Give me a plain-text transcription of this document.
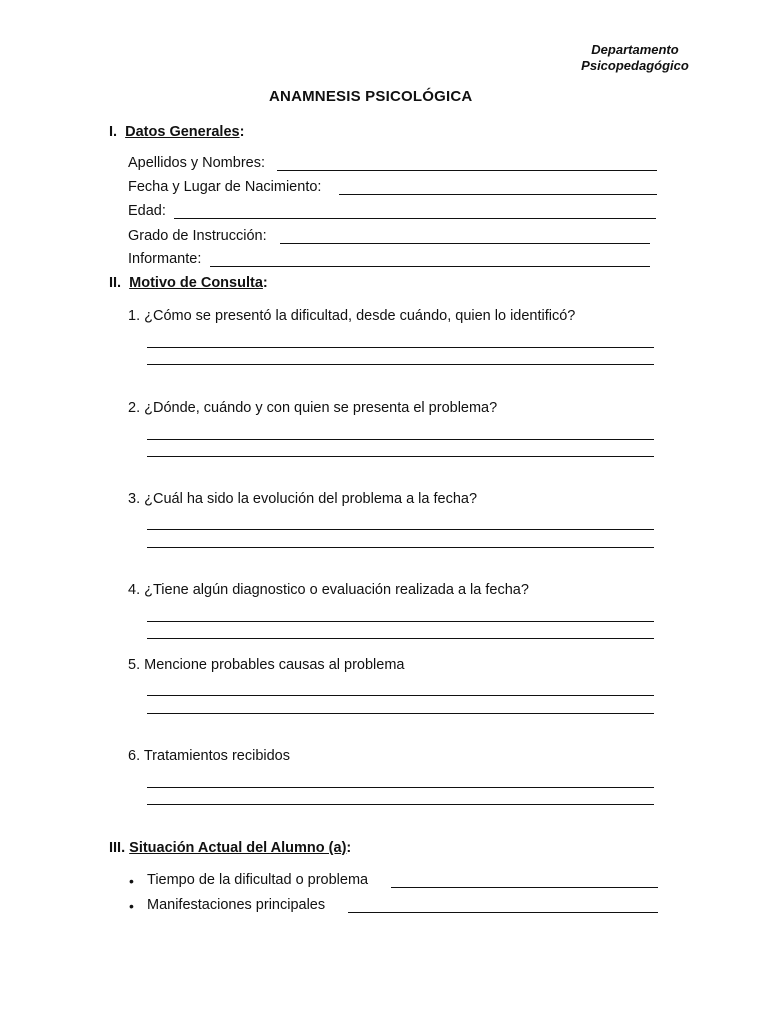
Departamento
Psicopedagógico
ANAMNESIS PSICOLÓGICA
I. Datos Generales:
Apellidos y Nombres:
Fecha y Lugar de Nacimiento:
Edad:
Grado de Instrucción:
Informante:
II. Motivo de Consulta:
1. ¿Cómo se presentó la dificultad, desde cuándo, quien lo identificó?
2. ¿Dónde, cuándo y con quien se presenta el problema?
3. ¿Cuál ha sido la evolución del problema a la fecha?
4. ¿Tiene algún diagnostico o evaluación realizada a la fecha?
5. Mencione probables causas al problema
6. Tratamientos recibidos
III. Situación Actual del Alumno (a):
• Tiempo de la dificultad o problema
• Manifestaciones principales
